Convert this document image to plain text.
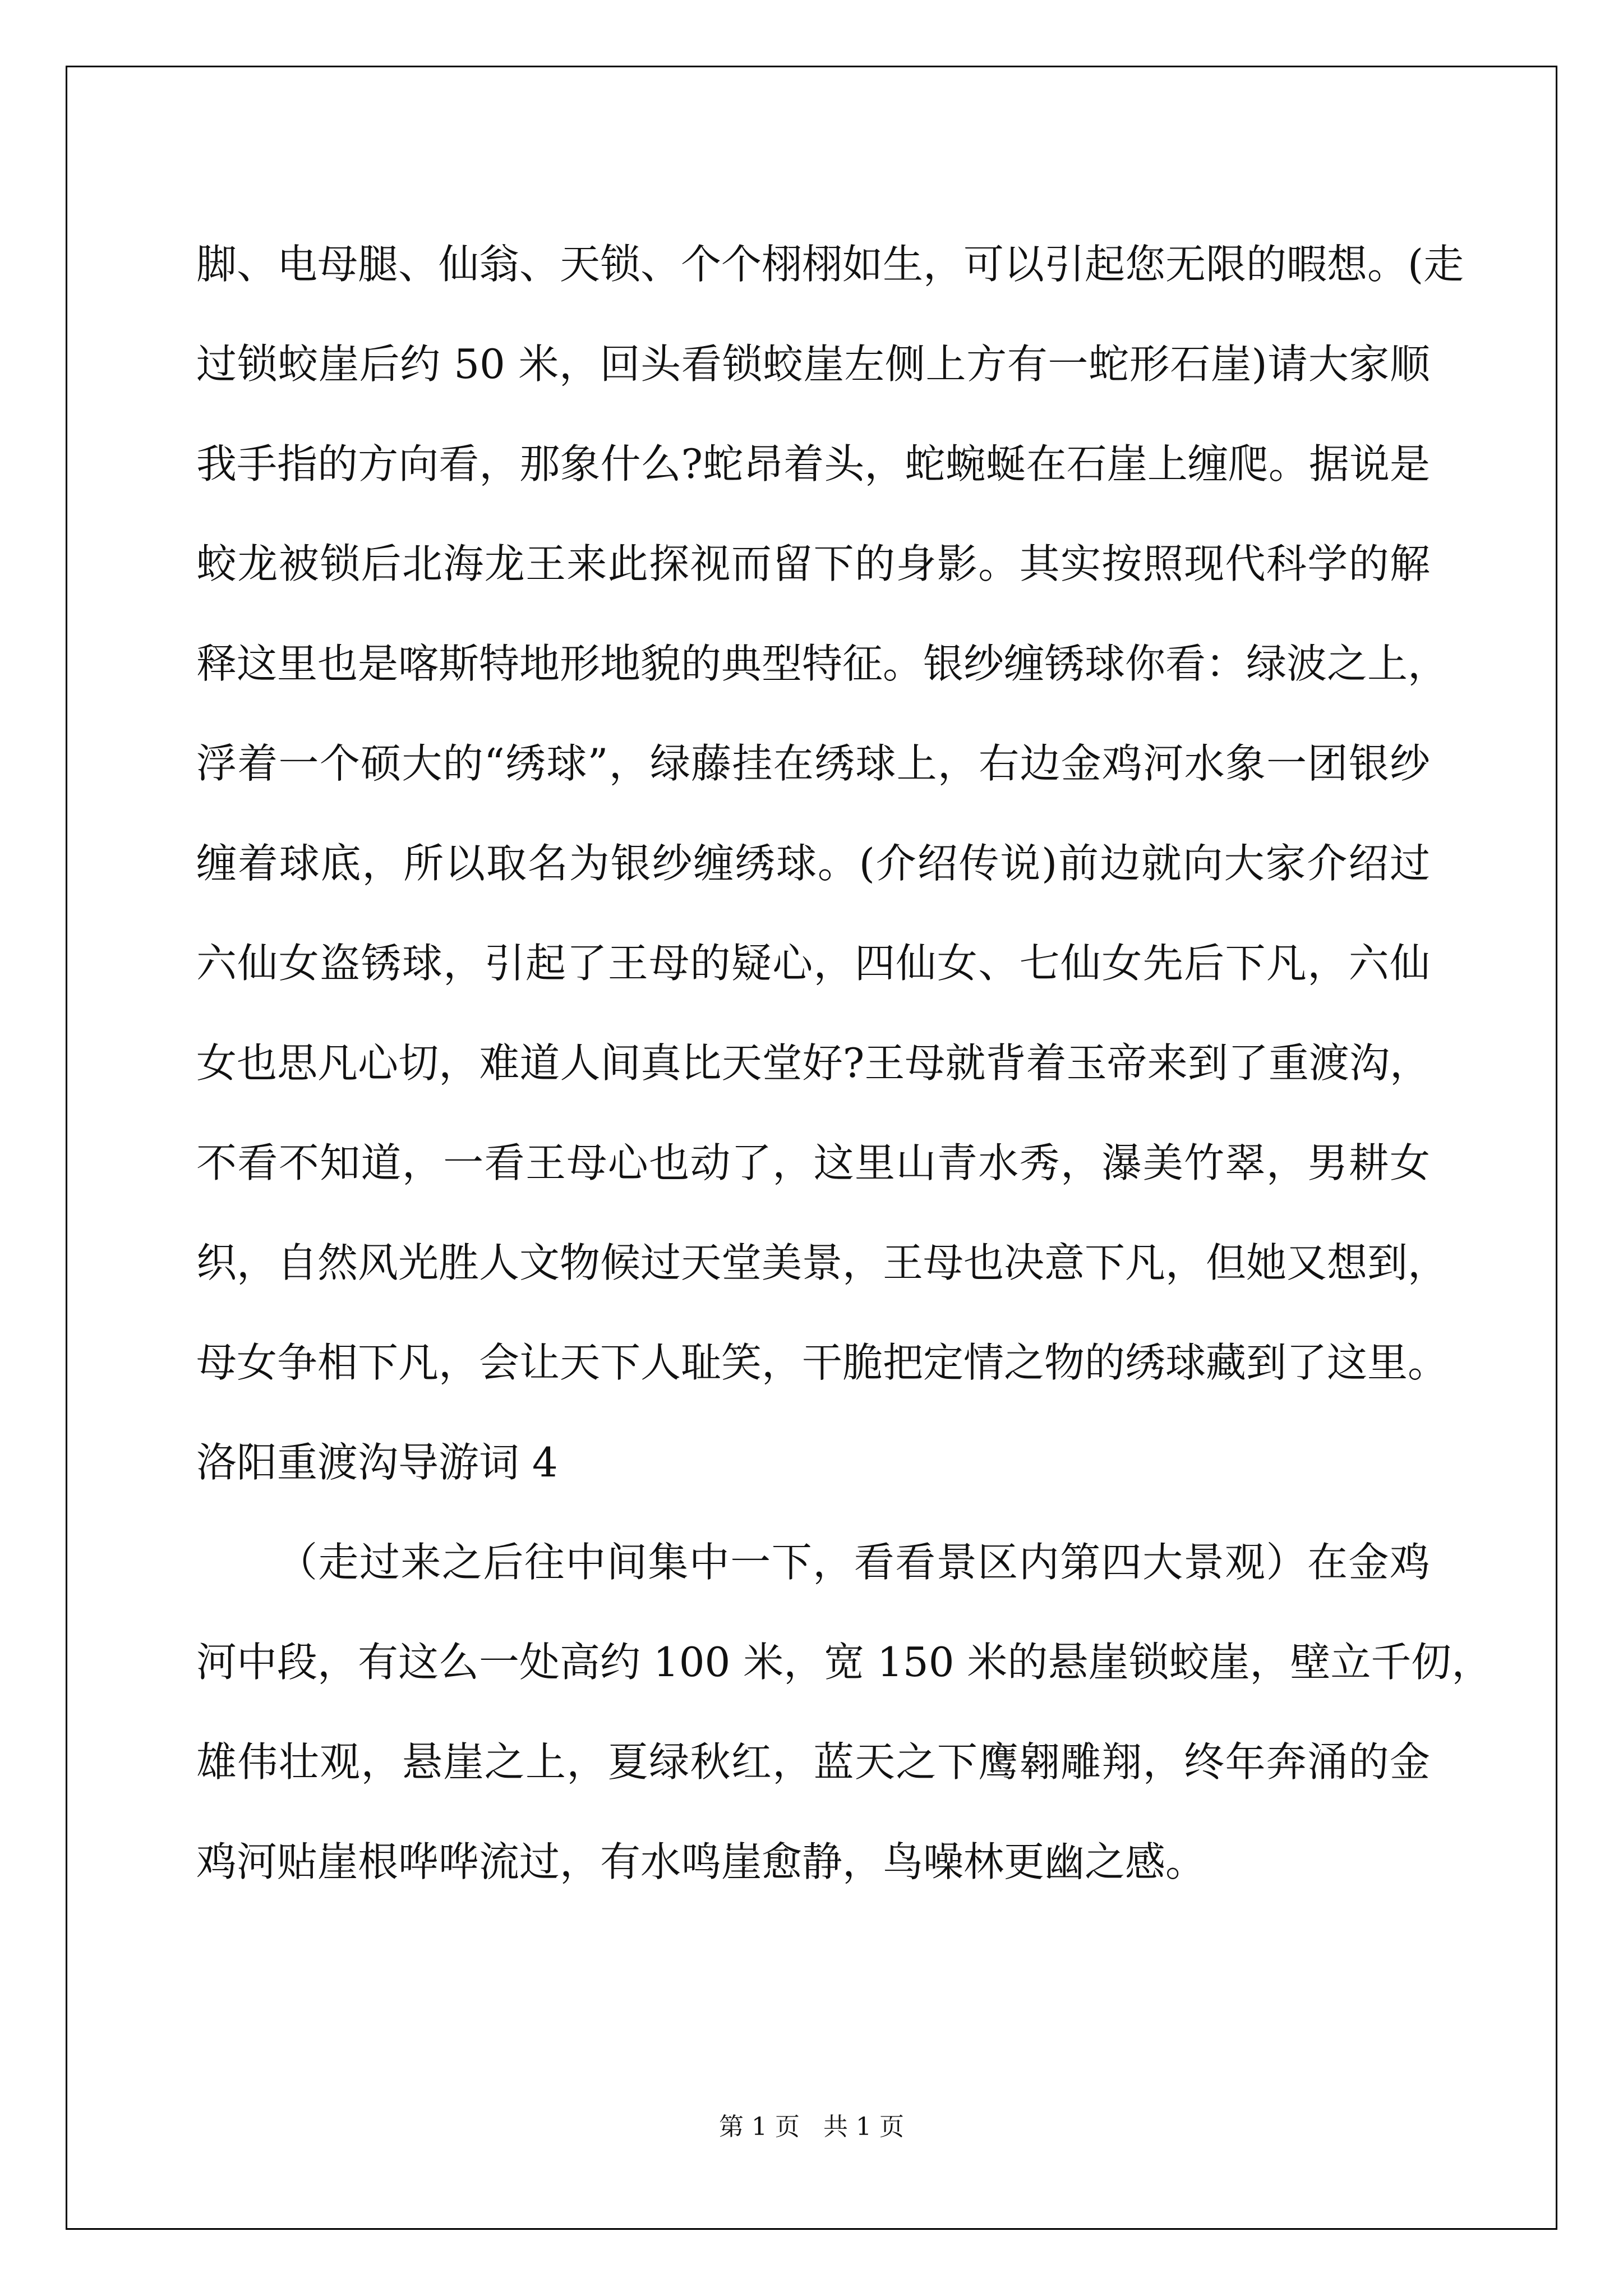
脚、电母腿、仙翁、天锁、个个栩栩如生，可以引起您无限的暇想。(走
过锁蛟崖后约 50 米，回头看锁蛟崖左侧上方有一蛇形石崖)请大家顺
我手指的方向看，那象什么?蛇昂着头，蛇蜿蜒在石崖上缠爬。据说是
蛟龙被锁后北海龙王来此探视而留下的身影。其实按照现代科学的解
释这里也是喀斯特地形地貌的典型特征。银纱缠锈球你看：绿波之上，
浮着一个硕大的“绣球”，绿藤挂在绣球上，右边金鸡河水象一团银纱
缠着球底，所以取名为银纱缠绣球。(介绍传说)前边就向大家介绍过
六仙女盗锈球，引起了王母的疑心，四仙女、七仙女先后下凡，六仙
女也思凡心切，难道人间真比天堂好?王母就背着玉帝来到了重渡沟，
不看不知道，一看王母心也动了，这里山青水秀，瀑美竹翠，男耕女
织，自然风光胜人文物候过天堂美景，王母也决意下凡，但她又想到，
母女争相下凡，会让天下人耻笑，干脆把定情之物的绣球藏到了这里。
洛阳重渡沟导游词 4
（走过来之后往中间集中一下，看看景区内第四大景观）在金鸡
河中段，有这么一处高约 100 米，宽 150 米的悬崖锁蛟崖，壁立千仞，
雄伟壮观，悬崖之上，夏绿秋红，蓝天之下鹰翱雕翔，终年奔涌的金
鸡河贴崖根哗哗流过，有水鸣崖愈静，鸟噪林更幽之感。
第 1 页   共 1 页
